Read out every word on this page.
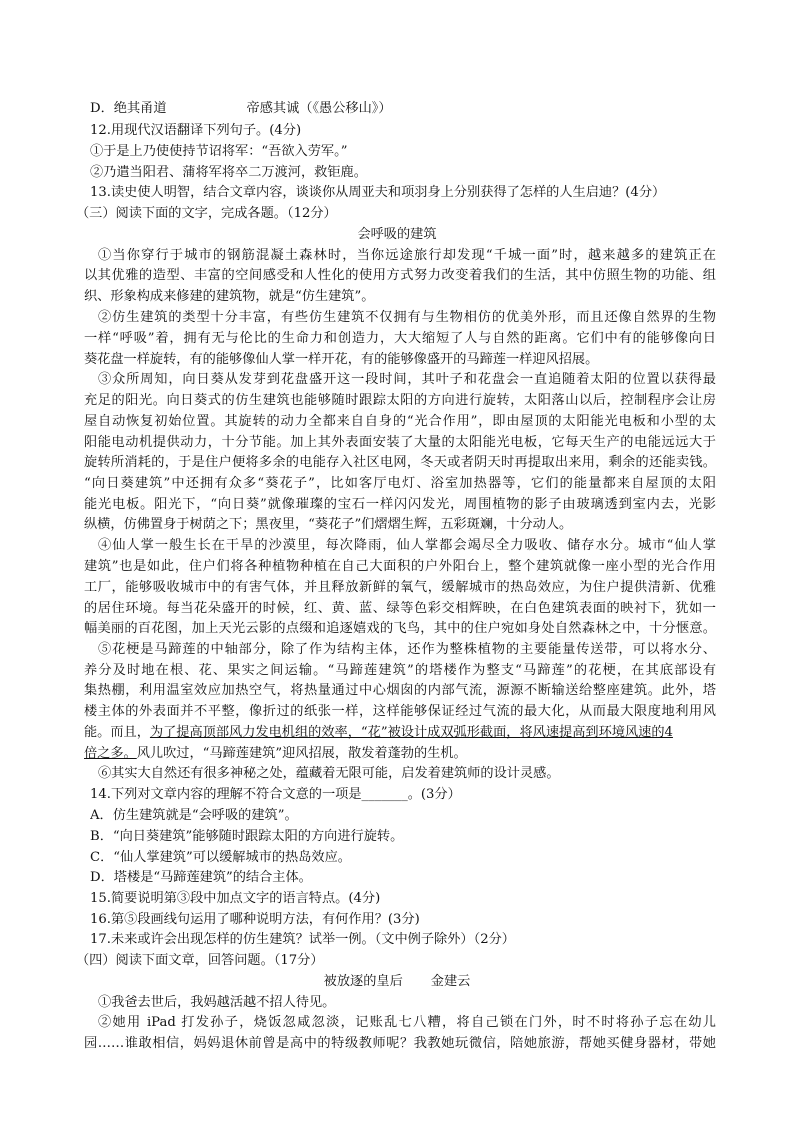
D．绝其甬道	帝感其诚（《愚公移山》）
12.用现代汉语翻译下列句子。(4分)
①于是上乃使使持节诏将军：“吾欲入劳军。”
②乃遣当阳君、蒲将军将卒二万渡河，救钜鹿。
13.读史使人明智，结合文章内容，谈谈你从周亚夫和项羽身上分别获得了怎样的人生启迪？(4分）
（三）阅读下面的文字，完成各题。（12分）
会呼吸的建筑
①当你穿行于城市的钢筋混凝土森林时，当你远途旅行却发现“千城一面”时，越来越多的建筑正在
以其优雅的造型、丰富的空间感受和人性化的使用方式努力改变着我们的生活，其中仿照生物的功能、组
织、形象构成来修建的建筑物，就是“仿生建筑”。
②仿生建筑的类型十分丰富，有些仿生建筑不仅拥有与生物相仿的优美外形，而且还像自然界的生物
一样“呼吸”着，拥有无与伦比的生命力和创造力，大大缩短了人与自然的距离。它们中有的能够像向日
葵花盘一样旋转，有的能够像仙人掌一样开花，有的能够像盛开的马蹄莲一样迎风招展。
③众所周知，向日葵从发芽到花盘盛开这一段时间，其叶子和花盘会一直追随着太阳的位置以获得最
充足的阳光。向日葵式的仿生建筑也能够随时跟踪太阳的方向进行旋转，太阳落山以后，控制程序会让房
屋自动恢复初始位置。其旋转的动力全都来自自身的“光合作用”，即由屋顶的太阳能光电板和小型的太
阳能电动机提供动力，十分节能。加上其外表面安装了大量的太阳能光电板，它每天生产的电能远远大于
旋转所消耗的，于是住户便将多余的电能存入社区电网，冬天或者阴天时再提取出来用，剩余的还能卖钱。
“向日葵建筑”中还拥有众多“葵花子”，比如客厅电灯、浴室加热器等，它们的能量都来自屋顶的太阳
能光电板。阳光下，“向日葵”就像璀璨的宝石一样闪闪发光，周围植物的影子由玻璃透到室内去，光影
纵横，仿佛置身于树荫之下；黑夜里，“葵花子”们熠熠生辉，五彩斑斓，十分动人。
④仙人掌一般生长在干旱的沙漠里，每次降雨，仙人掌都会竭尽全力吸收、储存水分。城市“仙人掌
建筑”也是如此，住户们将各种植物种植在自己大面积的户外阳台上，整个建筑就像一座小型的光合作用
工厂，能够吸收城市中的有害气体，并且释放新鲜的氧气，缓解城市的热岛效应，为住户提供清新、优雅
的居住环境。每当花朵盛开的时候，红、黄、蓝、绿等色彩交相辉映，在白色建筑表面的映衬下，犹如一
幅美丽的百花图，加上天光云影的点缀和追逐嬉戏的飞鸟，其中的住户宛如身处自然森林之中，十分惬意。
⑤花梗是马蹄莲的中轴部分，除了作为结构主体，还作为整株植物的主要能量传送带，可以将水分、
养分及时地在根、花、果实之间运输。“马蹄莲建筑”的塔楼作为整支“马蹄莲”的花梗，在其底部设有
集热棚，利用温室效应加热空气，将热量通过中心烟囱的内部气流，源源不断输送给整座建筑。此外，塔
楼主体的外表面并不平整，像折过的纸张一样，这样能够保证经过气流的最大化，从而最大限度地利用风
能。而且，为了提高顶部风力发电机组的效率，“花”被设计成双弧形截面，将风速提高到环境风速的4
倍之多。风儿吹过，“马蹄莲建筑”迎风招展，散发着蓬勃的生机。
⑥其实大自然还有很多神秘之处，蕴藏着无限可能，启发着建筑师的设计灵感。
14.下列对文章内容的理解不符合文意的一项是_______。(3分）
A．仿生建筑就是“会呼吸的建筑”。
B．“向日葵建筑”能够随时跟踪太阳的方向进行旋转。
C．“仙人掌建筑”可以缓解城市的热岛效应。
D．塔楼是“马蹄莲建筑”的结合主体。
15.简要说明第③段中加点文字的语言特点。(4分)
16.第⑤段画线句运用了哪种说明方法，有何作用？(3分)
17.未来或许会出现怎样的仿生建筑？试举一例。（文中例子除外）（2分）
（四）阅读下面文章，回答问题。（17分）
被放逐的皇后 金建云
①我爸去世后，我妈越活越不招人待见。
②她用 iPad 打发孙子，烧饭忽咸忽淡，记账乱七八糟，将自己锁在门外，时不时将孙子忘在幼儿
园……谁敢相信，妈妈退休前曾是高中的特级教师呢？我教她玩微信，陪她旅游，帮她买健身器材，带她
